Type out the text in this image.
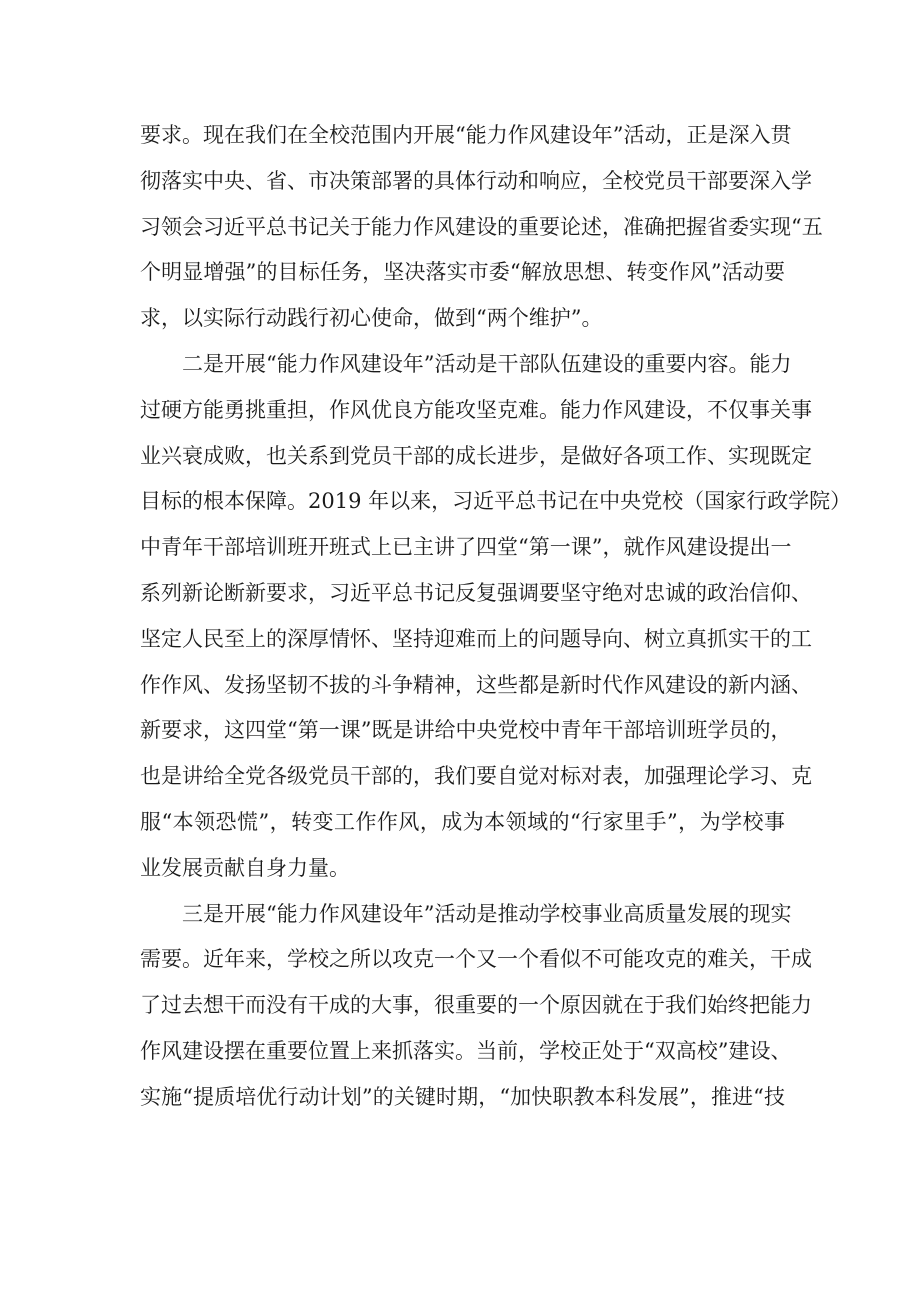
要求。现在我们在全校范围内开展“能力作风建设年”活动，正是深入贯
彻落实中央、省、市决策部署的具体行动和响应，全校党员干部要深入学
习领会习近平总书记关于能力作风建设的重要论述，准确把握省委实现“五
个明显增强”的目标任务，坚决落实市委“解放思想、转变作风”活动要
求，以实际行动践行初心使命，做到“两个维护”。
　　二是开展“能力作风建设年”活动是干部队伍建设的重要内容。能力
过硬方能勇挑重担，作风优良方能攻坚克难。能力作风建设，不仅事关事
业兴衰成败，也关系到党员干部的成长进步，是做好各项工作、实现既定
目标的根本保障。2019 年以来，习近平总书记在中央党校（国家行政学院）
中青年干部培训班开班式上已主讲了四堂“第一课”，就作风建设提出一
系列新论断新要求，习近平总书记反复强调要坚守绝对忠诚的政治信仰、
坚定人民至上的深厚情怀、坚持迎难而上的问题导向、树立真抓实干的工
作作风、发扬坚韧不拔的斗争精神，这些都是新时代作风建设的新内涵、
新要求，这四堂“第一课”既是讲给中央党校中青年干部培训班学员的，
也是讲给全党各级党员干部的，我们要自觉对标对表，加强理论学习、克
服“本领恐慌”，转变工作作风，成为本领域的“行家里手”，为学校事
业发展贡献自身力量。
　　三是开展“能力作风建设年”活动是推动学校事业高质量发展的现实
需要。近年来，学校之所以攻克一个又一个看似不可能攻克的难关，干成
了过去想干而没有干成的大事，很重要的一个原因就在于我们始终把能力
作风建设摆在重要位置上来抓落实。当前，学校正处于“双高校”建设、
实施“提质培优行动计划”的关键时期，“加快职教本科发展”，推进“技
